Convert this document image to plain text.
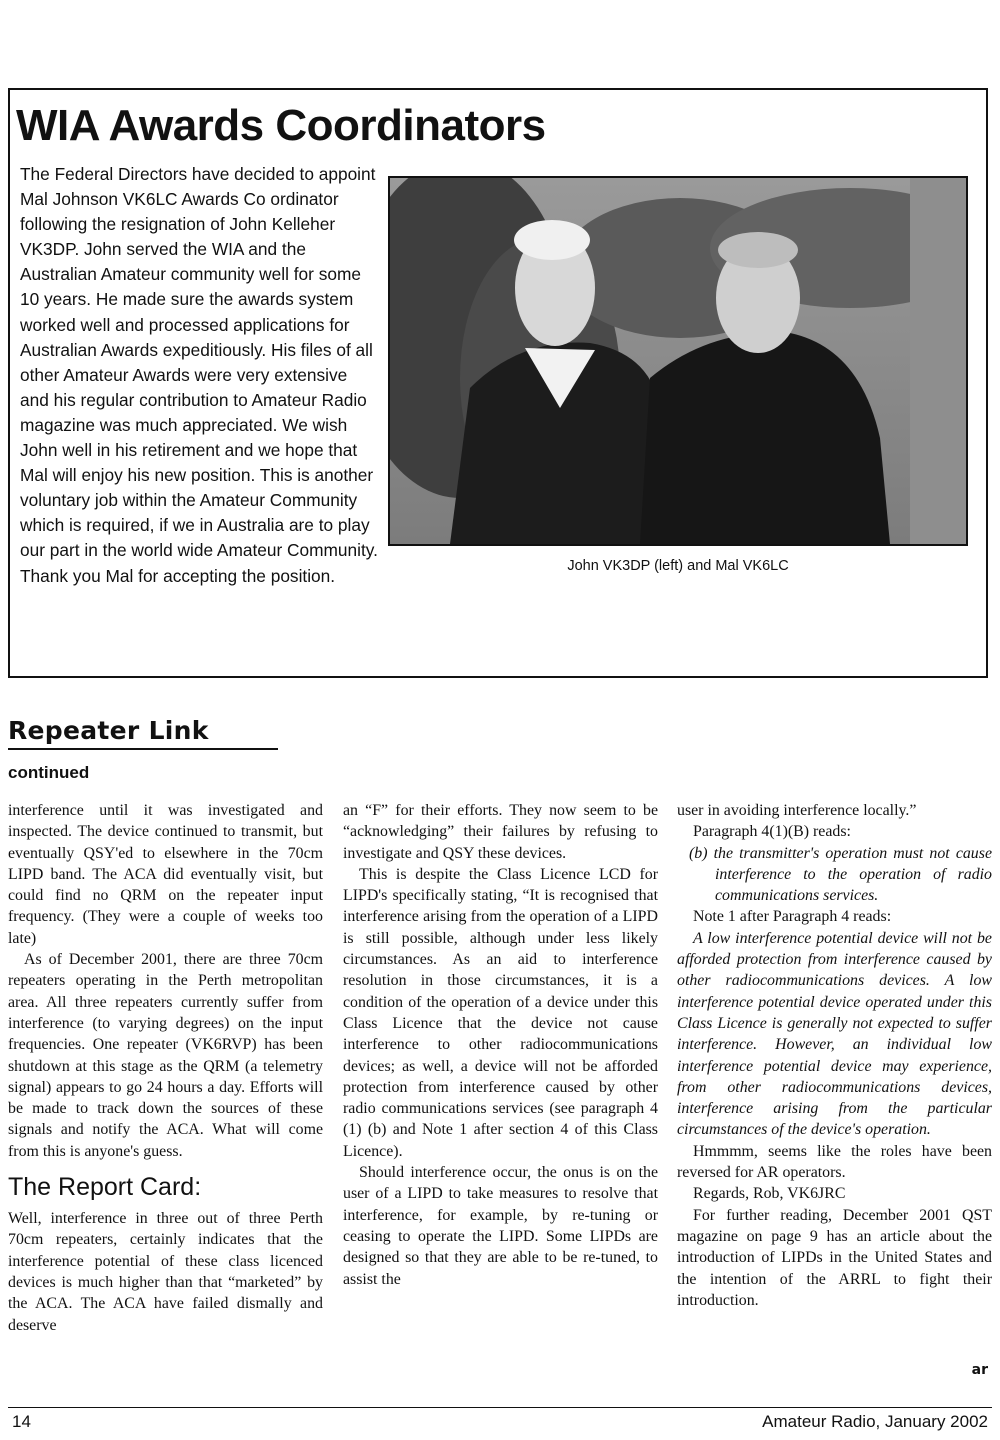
WIA Awards Coordinators
John VK3DP (left) and Mal VK6LC
The Federal Directors have decided to appoint Mal Johnson VK6LC Awards Co ordinator following the resignation of John Kelleher VK3DP. John served the WIA and the Australian Amateur community well for some 10 years. He made sure the awards system worked well and processed applications for Australian Awards expeditiously. His files of all other Amateur Awards were very extensive and his regular contribution to Amateur Radio magazine was much appreciated. We wish John well in his retirement and we hope that Mal will enjoy his new position. This is another voluntary job within the Amateur Community which is required, if we in Australia are to play our part in the world wide Amateur Community. Thank you Mal for accepting the position.
Repeater Link
continued

interference until it was investigated and inspected. The device continued to transmit, but eventually QSY'ed to elsewhere in the 70cm LIPD band. The ACA did eventually visit, but could find no QRM on the repeater input frequency. (They were a couple of weeks too late)

As of December 2001, there are three 70cm repeaters operating in the Perth metropolitan area. All three repeaters currently suffer from interference (to varying degrees) on the input frequencies. One repeater (VK6RVP) has been shutdown at this stage as the QRM (a telemetry signal) appears to go 24 hours a day. Efforts will be made to track down the sources of these signals and notify the ACA. What will come from this is anyone's guess.

The Report Card:

Well, interference in three out of three Perth 70cm repeaters, certainly indicates that the interference potential of these class licenced devices is much higher than that “marketed” by the ACA. The ACA have failed dismally and deserve

an “F” for their efforts. They now seem to be “acknowledging” their failures by refusing to investigate and QSY these devices.

This is despite the Class Licence LCD for LIPD's specifically stating, “It is recognised that interference arising from the operation of a LIPD is still possible, although under less likely circumstances. As an aid to interference resolution in those circumstances, it is a condition of the operation of a device under this Class Licence that the device not cause interference to other radiocommunications devices; as well, a device will not be afforded protection from interference caused by other radio communications services (see paragraph 4 (1) (b) and Note 1 after section 4 of this Class Licence).

Should interference occur, the onus is on the user of a LIPD to take measures to resolve that interference, for example, by re-tuning or ceasing to operate the LIPD. Some LIPDs are designed so that they are able to be re-tuned, to assist the

user in avoiding interference locally.”

Paragraph 4(1)(B) reads:

(b) the transmitter's operation must not cause interference to the operation of radio communications services.

Note 1 after Paragraph 4 reads:

A low interference potential device will not be afforded protection from interference caused by other radiocommunications devices. A low interference potential device operated under this Class Licence is generally not expected to suffer interference. However, an individual low interference potential device may experience, from other radiocommunications devices, interference arising from the particular circumstances of the device's operation.

Hmmmm, seems like the roles have been reversed for AR operators.

Regards, Rob, VK6JRC

For further reading, December 2001 QST magazine on page 9 has an article about the introduction of LIPDs in the United States and the intention of the ARRL to fight their introduction.

ar
14	Amateur Radio, January 2002
